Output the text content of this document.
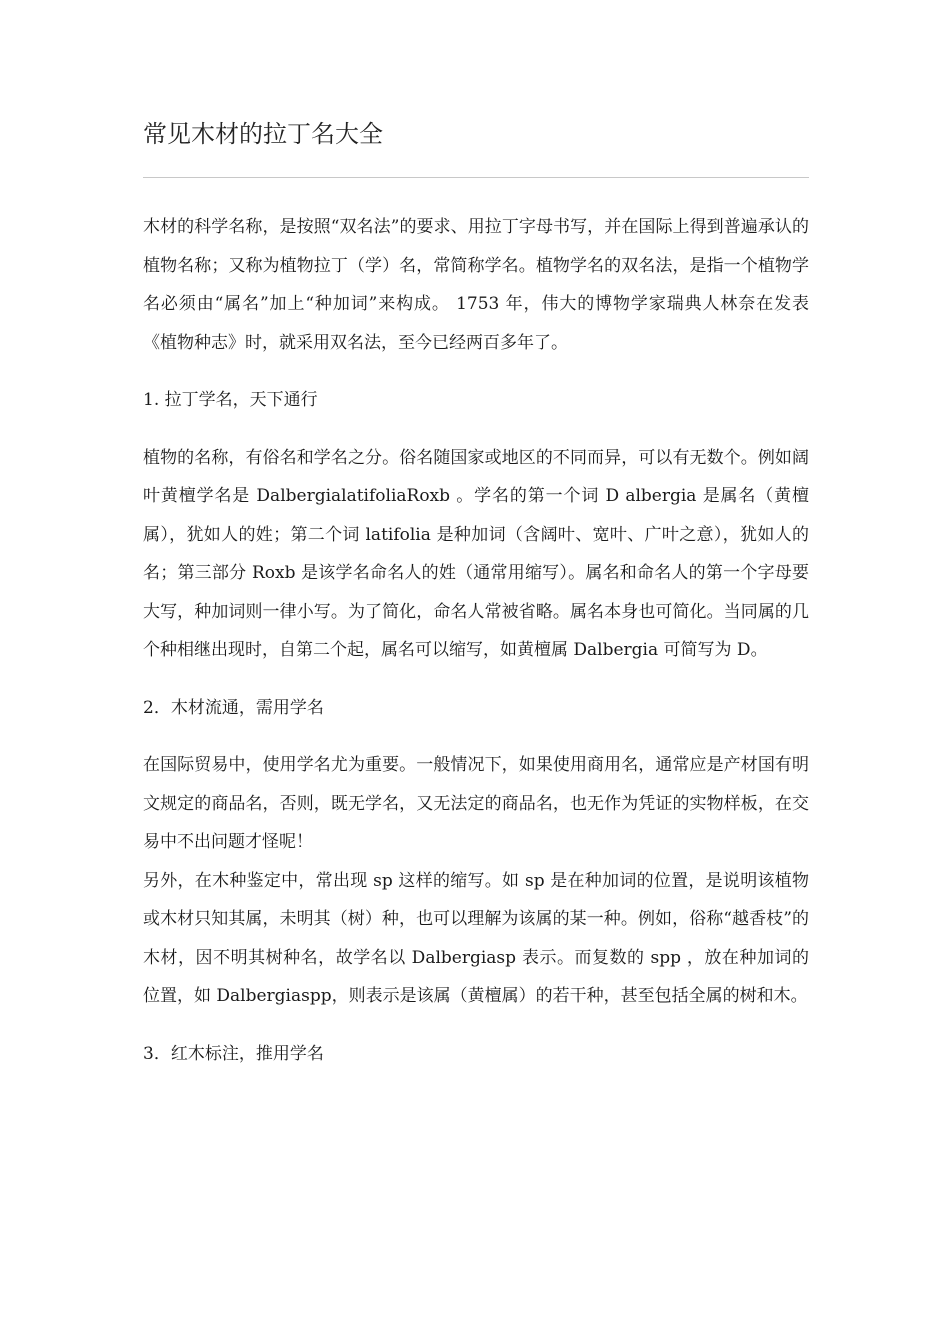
常见木材的拉丁名大全

木材的科学名称，是按照“双名法”的要求、用拉丁字母书写，并在国际上得到普遍承认的植物名称；又称为植物拉丁（学）名，常简称学名。植物学名的双名法，是指一个植物学名必须由“属名”加上“种加词”来构成。 1753 年，伟大的博物学家瑞典人林奈在发表《植物种志》时，就采用双名法，至今已经两百多年了。

1. 拉丁学名，天下通行

植物的名称，有俗名和学名之分。俗名随国家或地区的不同而异，可以有无数个。例如阔叶黄檀学名是 DalbergialatifoliaRoxb 。学名的第一个词 D albergia 是属名（黄檀属），犹如人的姓；第二个词 latifolia 是种加词（含阔叶、宽叶、广叶之意），犹如人的名；第三部分 Roxb 是该学名命名人的姓（通常用缩写）。属名和命名人的第一个字母要大写，种加词则一律小写。为了简化，命名人常被省略。属名本身也可简化。当同属的几个种相继出现时，自第二个起，属名可以缩写，如黄檀属 Dalbergia 可简写为 D。

2．木材流通，需用学名

在国际贸易中，使用学名尤为重要。一般情况下，如果使用商用名，通常应是产材国有明文规定的商品名，否则，既无学名，又无法定的商品名，也无作为凭证的实物样板，在交易中不出问题才怪呢！

另外，在木种鉴定中，常出现 sp 这样的缩写。如 sp 是在种加词的位置，是说明该植物或木材只知其属，未明其（树）种，也可以理解为该属的某一种。例如，俗称“越香枝”的木材，因不明其树种名，故学名以 Dalbergiasp 表示。而复数的 spp ，放在种加词的位置，如 Dalbergiaspp，则表示是该属（黄檀属）的若干种，甚至包括全属的树和木。

3．红木标注，推用学名
